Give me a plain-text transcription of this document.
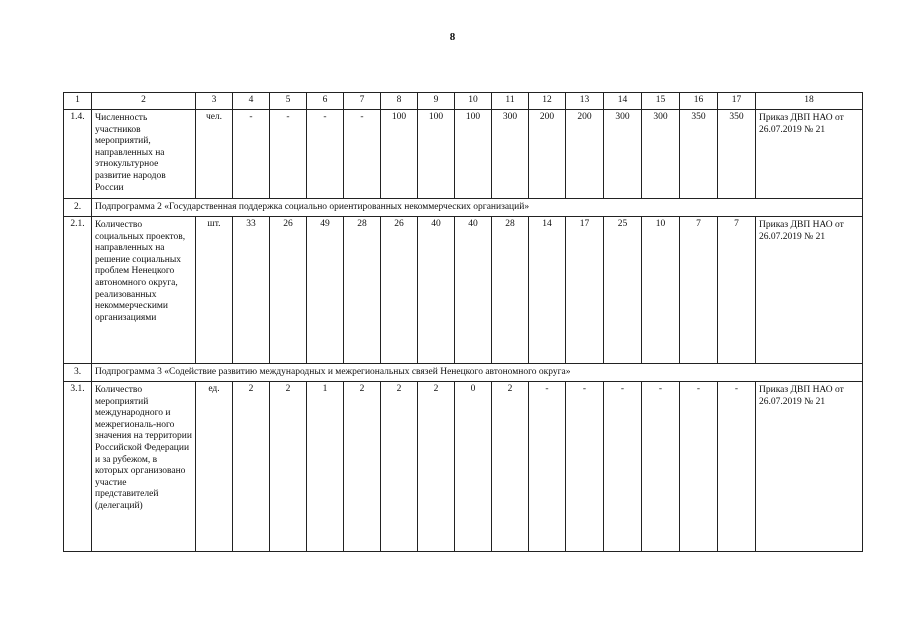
8
1	2	3	4	5	6	7	8	9	10	11	12	13	14	15	16	17	18
1.4.	Численность участников мероприятий, направленных на этнокультурное развитие народов России	чел.	-	-	-	-	100	100	100	300	200	200	300	300	350	350	Приказ ДВП НАО от 26.07.2019 № 21
2.	Подпрограмма 2 «Государственная поддержка социально ориентированных некоммерческих организаций»																
2.1.	Количество социальных проектов, направленных на решение социальных проблем Ненецкого автономного округа, реализованных некоммерческими организациями	шт.	33	26	49	28	26	40	40	28	14	17	25	10	7	7	Приказ ДВП НАО от 26.07.2019 № 21
3.	Подпрограмма 3 «Содействие развитию международных и межрегиональных связей Ненецкого автономного округа»																
3.1.	Количество мероприятий международного и межрегиональ-ного значения на территории Российской Федерации и за рубежом, в которых организовано участие представителей (делегаций)	ед.	2	2	1	2	2	2	0	2	-	-	-	-	-	-	Приказ ДВП НАО от 26.07.2019 № 21
